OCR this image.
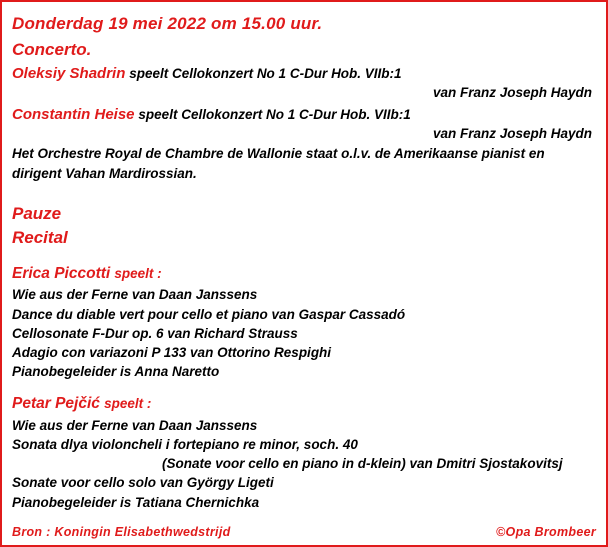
Donderdag 19 mei 2022 om 15.00 uur.
Concerto.
Oleksiy Shadrin speelt Cellokonzert No 1 C-Dur Hob. VIIb:1
van Franz Joseph Haydn
Constantin Heise speelt Cellokonzert No 1 C-Dur Hob. VIIb:1
van Franz Joseph Haydn
Het Orchestre Royal de Chambre de Wallonie staat o.l.v. de Amerikaanse pianist en
dirigent Vahan Mardirossian.
Pauze
Recital
Erica Piccotti speelt :
Wie aus der Ferne van Daan Janssens
Dance du diable vert pour cello et piano van Gaspar Cassadó
Cellosonate F-Dur op. 6 van Richard Strauss
Adagio con variazoni P 133 van Ottorino Respighi
Pianobegeleider is Anna Naretto
Petar Pejčić speelt :
Wie aus der Ferne van Daan Janssens
Sonata dlya violoncheli i fortepiano re minor, soch. 40
(Sonate voor cello en piano in d-klein) van Dmitri Sjostakovitsj
Sonate voor cello solo van György Ligeti
Pianobegeleider is Tatiana Chernichka
Bron : Koningin Elisabethwedstrijd	©Opa Brombeer
